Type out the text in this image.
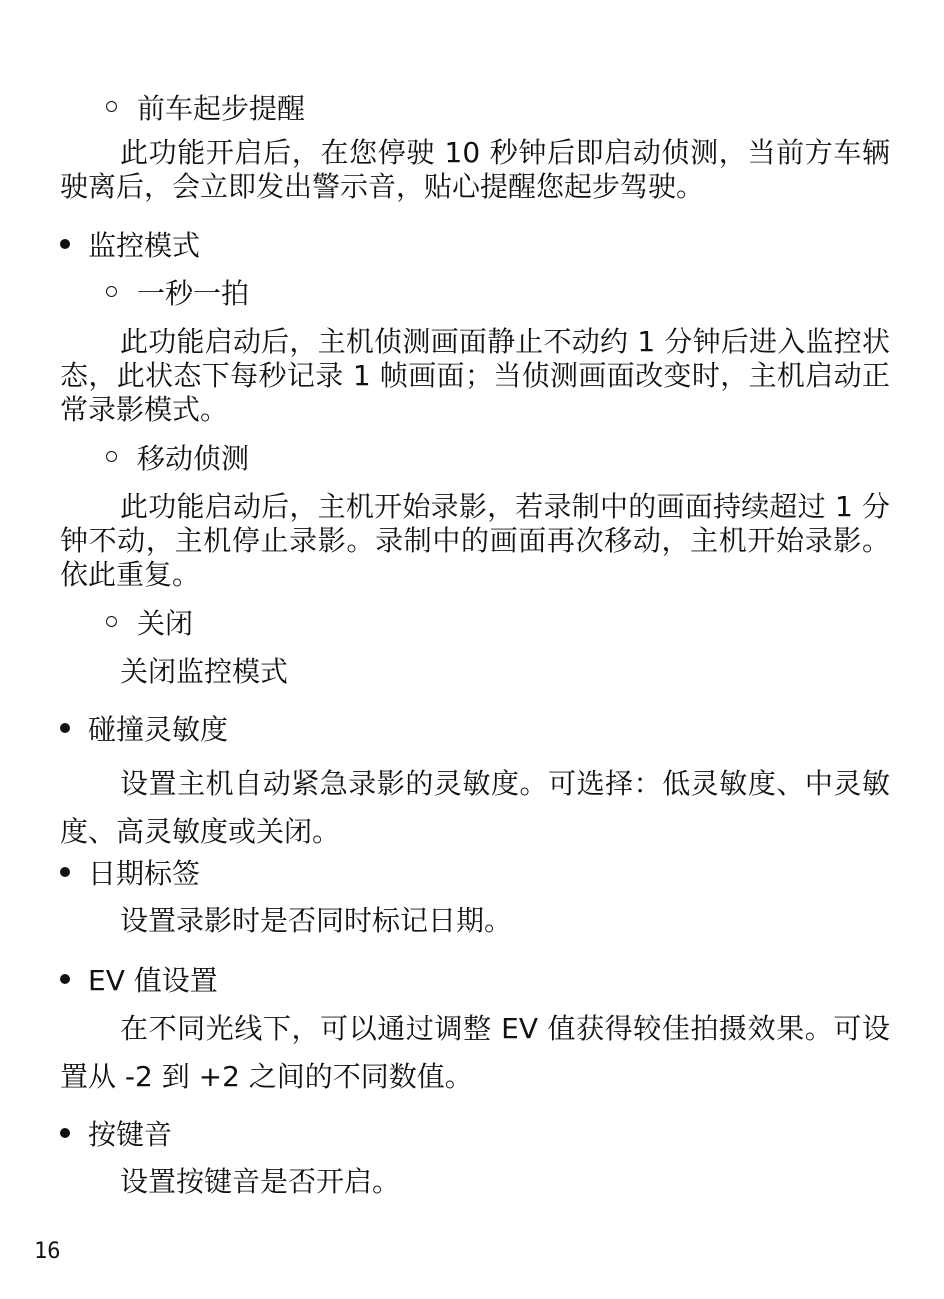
前车起步提醒

此功能开启后，在您停驶 10 秒钟后即启动侦测，当前方车辆驶离后，会立即发出警示音，贴心提醒您起步驾驶。

监控模式
一秒一拍

此功能启动后，主机侦测画面静止不动约 1 分钟后进入监控状态，此状态下每秒记录 1 帧画面；当侦测画面改变时，主机启动正常录影模式。

移动侦测

此功能启动后，主机开始录影，若录制中的画面持续超过 1 分钟不动，主机停止录影。录制中的画面再次移动，主机开始录影。依此重复。

关闭

关闭监控模式

碰撞灵敏度

设置主机自动紧急录影的灵敏度。可选择：低灵敏度、中灵敏度、高灵敏度或关闭。

日期标签

设置录影时是否同时标记日期。

EV 值设置

在不同光线下，可以通过调整 EV 值获得较佳拍摄效果。可设置从 -2 到 +2 之间的不同数值。

按键音

设置按键音是否开启。

16
